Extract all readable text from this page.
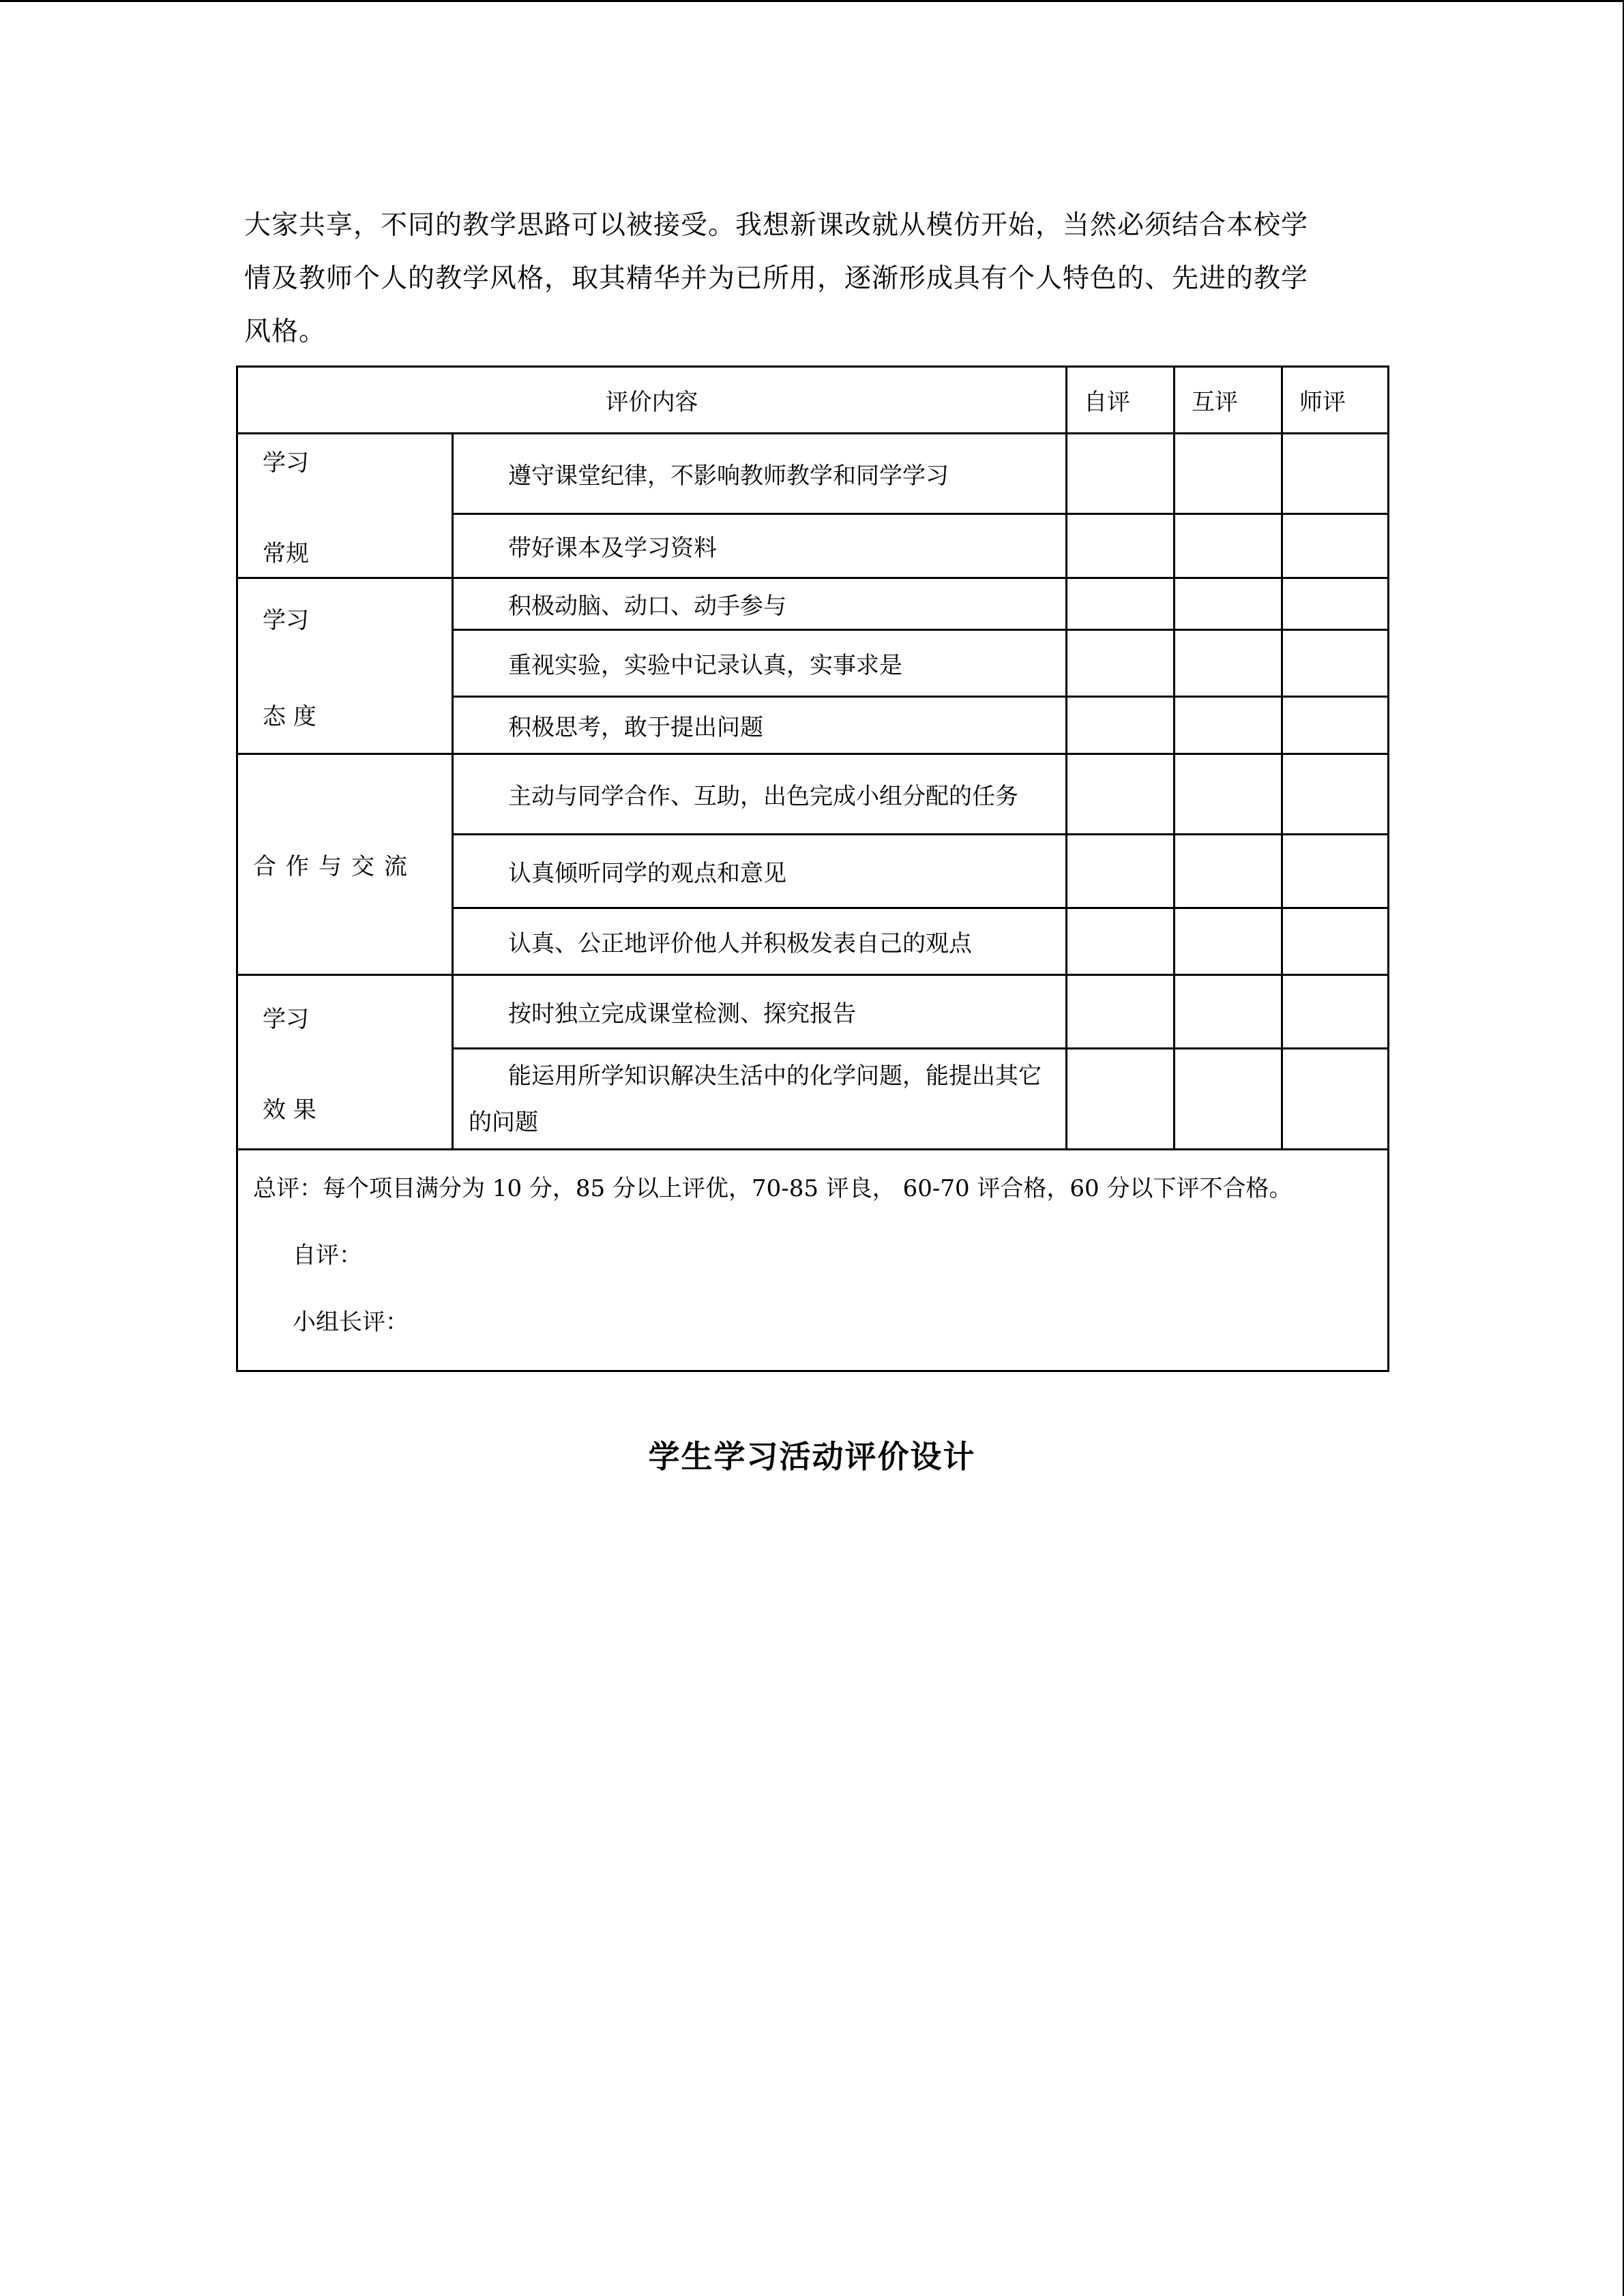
大家共享，不同的教学思路可以被接受。我想新课改就从模仿开始，当然必须结合本校学
情及教师个人的教学风格，取其精华并为已所用，逐渐形成具有个人特色的、先进的教学
风格。
评价内容		自评	互评	师评

学习
常规	遵守课堂纪律，不影响教师教学和同学学习			
	带好课本及学习资料			

学习
态 度	积极动脑、动口、动手参与			
	重视实验，实验中记录认真，实事求是			
	积极思考，敢于提出问题			
合作与交流	主动与同学合作、互助，出色完成小组分配的任务			
	认真倾听同学的观点和意见			
	认真、公正地评价他人并积极发表自己的观点			

学习
效 果	按时独立完成课堂检测、探究报告			
	能运用所学知识解决生活中的化学问题，能提出其它的问题			

总评：每个项目满分为 10 分，85 分以上评优，70-85 评良， 60-70 评合格，60 分以下评不合格。
自评：
小组长评：				
学生学习活动评价设计
